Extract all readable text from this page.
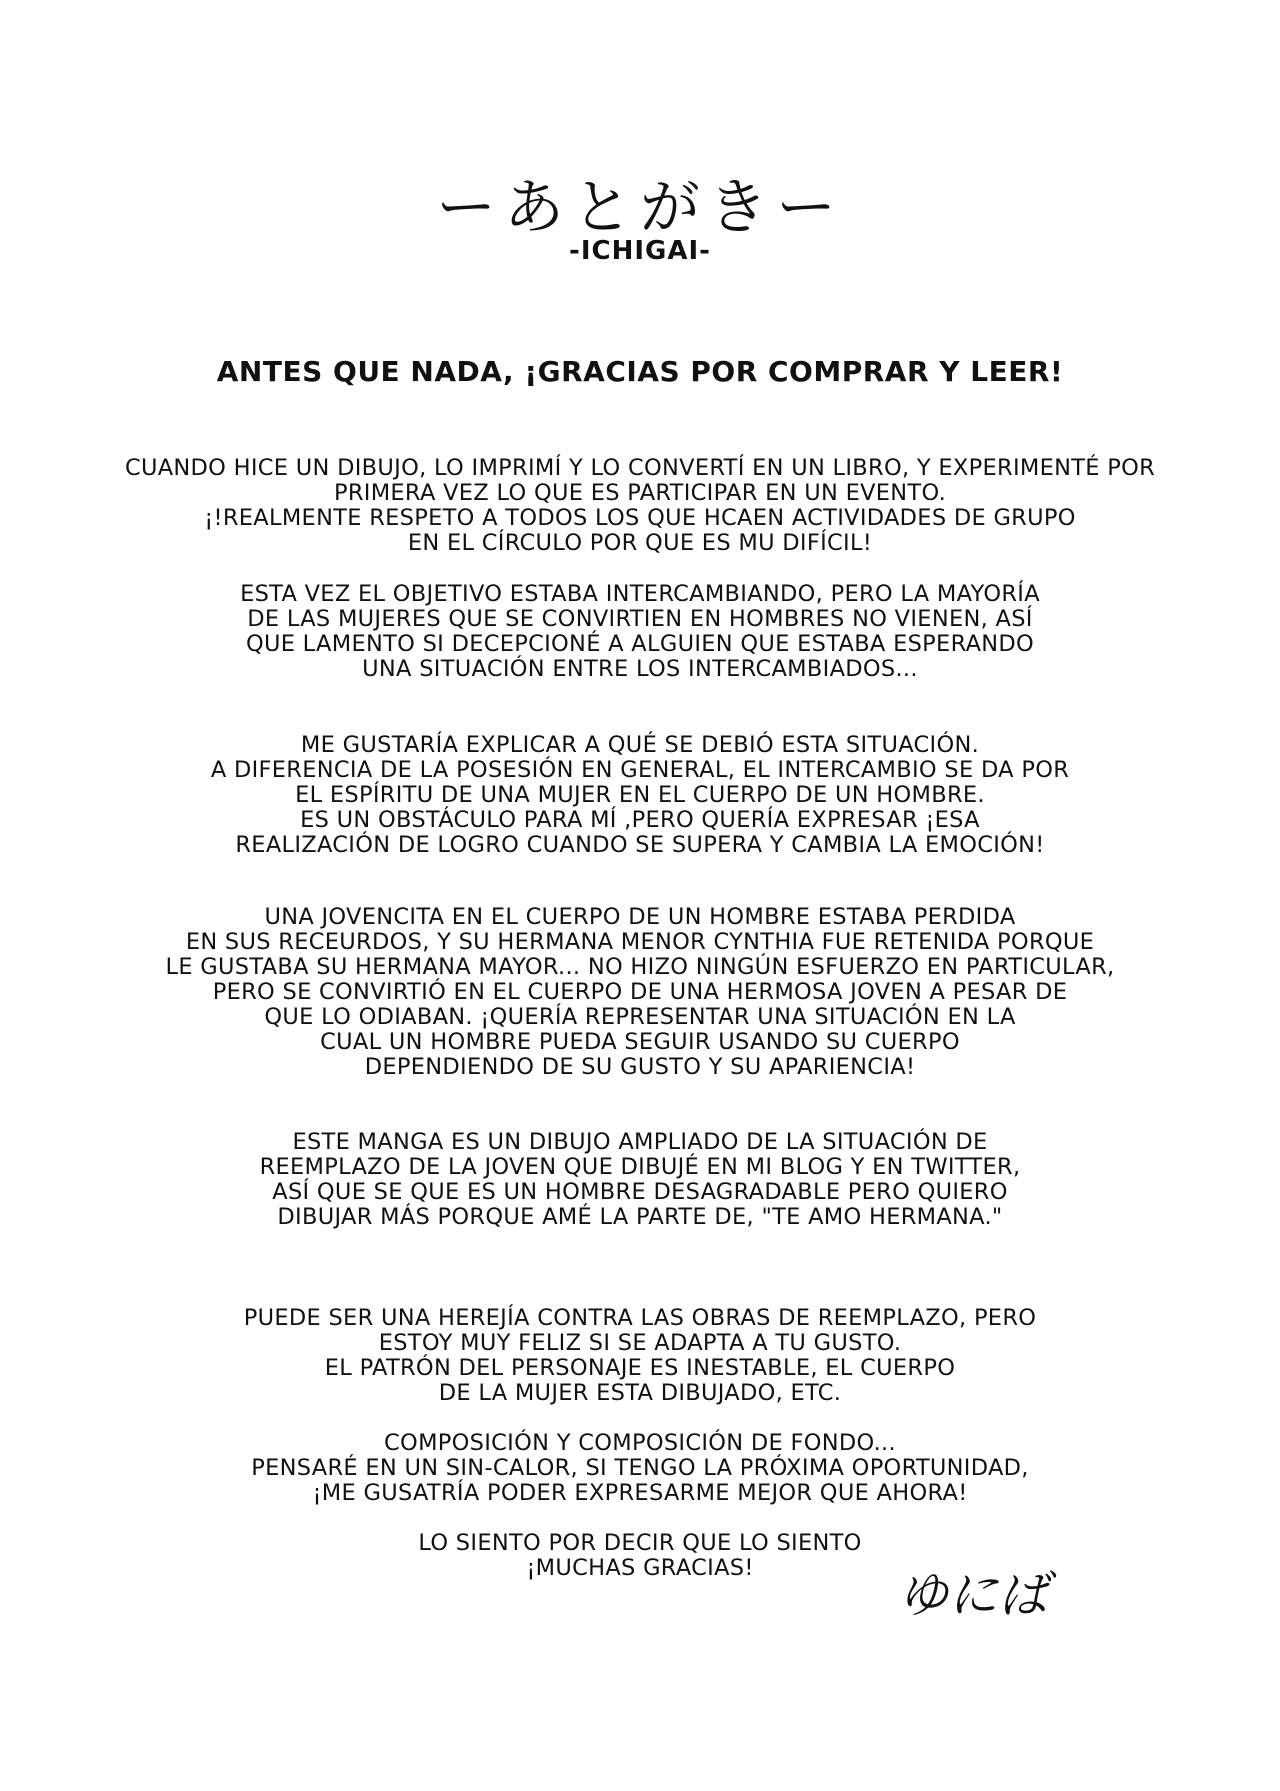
ーあとがきー
-ICHIGAI-
ANTES QUE NADA, ¡GRACIAS POR COMPRAR Y LEER!
CUANDO HICE UN DIBUJO, LO IMPRIMÍ Y LO CONVERTÍ EN UN LIBRO, Y EXPERIMENTÉ POR
PRIMERA VEZ LO QUE ES PARTICIPAR EN UN EVENTO.
¡!REALMENTE RESPETO A TODOS LOS QUE HCAEN ACTIVIDADES DE GRUPO
EN EL CÍRCULO POR QUE ES MU DIFÍCIL!
ESTA VEZ EL OBJETIVO ESTABA INTERCAMBIANDO, PERO LA MAYORÍA
DE LAS MUJERES QUE SE CONVIRTIEN EN HOMBRES NO VIENEN, ASÍ
QUE LAMENTO SI DECEPCIONÉ A ALGUIEN QUE ESTABA ESPERANDO
UNA SITUACIÓN ENTRE LOS INTERCAMBIADOS...
ME GUSTARÍA EXPLICAR A QUÉ SE DEBIÓ ESTA SITUACIÓN.
A DIFERENCIA DE LA POSESIÓN EN GENERAL, EL INTERCAMBIO SE DA POR
EL ESPÍRITU DE UNA MUJER EN EL CUERPO DE UN HOMBRE.
ES UN OBSTÁCULO PARA MÍ ,PERO QUERÍA EXPRESAR ¡ESA
REALIZACIÓN DE LOGRO CUANDO SE SUPERA Y CAMBIA LA EMOCIÓN!
UNA JOVENCITA EN EL CUERPO DE UN HOMBRE ESTABA PERDIDA
EN SUS RECEURDOS, Y SU HERMANA MENOR CYNTHIA FUE RETENIDA PORQUE
LE GUSTABA SU HERMANA MAYOR... NO HIZO NINGÚN ESFUERZO EN PARTICULAR,
PERO SE CONVIRTIÓ EN EL CUERPO DE UNA HERMOSA JOVEN A PESAR DE
QUE LO ODIABAN. ¡QUERÍA REPRESENTAR UNA SITUACIÓN EN LA
CUAL UN HOMBRE PUEDA SEGUIR USANDO SU CUERPO
DEPENDIENDO DE SU GUSTO Y SU APARIENCIA!
ESTE MANGA ES UN DIBUJO AMPLIADO DE LA SITUACIÓN DE
REEMPLAZO DE LA JOVEN QUE DIBUJÉ EN MI BLOG Y EN TWITTER,
ASÍ QUE SE QUE ES UN HOMBRE DESAGRADABLE PERO QUIERO
DIBUJAR MÁS PORQUE AMÉ LA PARTE DE, "TE AMO HERMANA."
PUEDE SER UNA HEREJÍA CONTRA LAS OBRAS DE REEMPLAZO, PERO
ESTOY MUY FELIZ SI SE ADAPTA A TU GUSTO.
EL PATRÓN DEL PERSONAJE ES INESTABLE, EL CUERPO
DE LA MUJER ESTA DIBUJADO, ETC.
COMPOSICIÓN Y COMPOSICIÓN DE FONDO...
PENSARÉ EN UN SIN-CALOR, SI TENGO LA PRÓXIMA OPORTUNIDAD,
¡ME GUSATRÍA PODER EXPRESARME MEJOR QUE AHORA!
LO SIENTO POR DECIR QUE LO SIENTO
¡MUCHAS GRACIAS!	ゆにば
